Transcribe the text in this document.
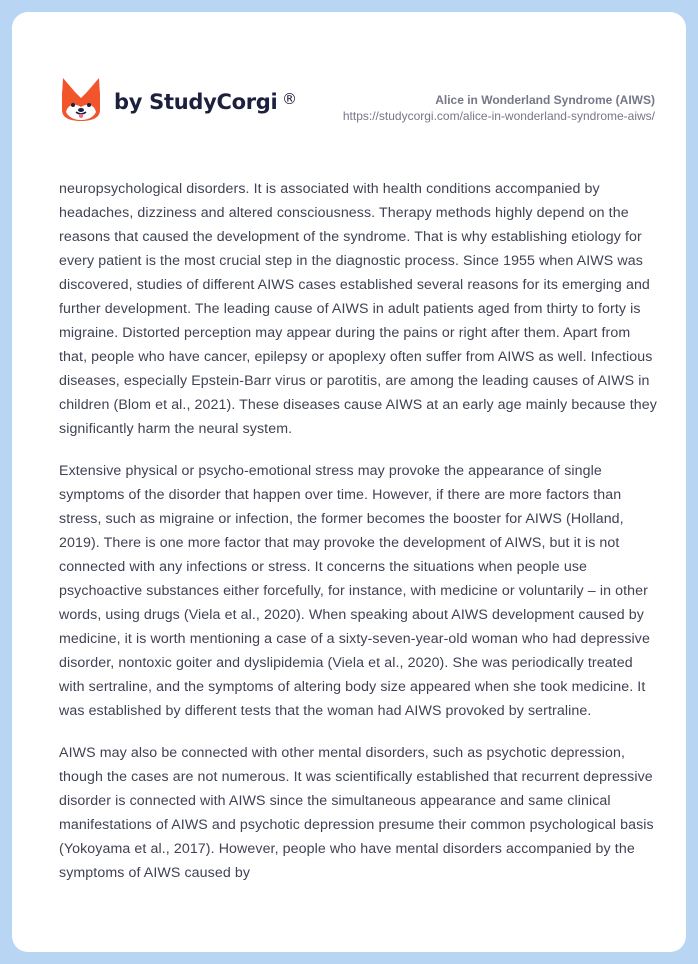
by StudyCorgi ®	Alice in Wonderland Syndrome (AIWS)
https://studycorgi.com/alice-in-wonderland-syndrome-aiws/

neuropsychological disorders. It is associated with health conditions accompanied by headaches, dizziness and altered consciousness. Therapy methods highly depend on the reasons that caused the development of the syndrome. That is why establishing etiology for every patient is the most crucial step in the diagnostic process. Since 1955 when AIWS was discovered, studies of different AIWS cases established several reasons for its emerging and further development. The leading cause of AIWS in adult patients aged from thirty to forty is migraine. Distorted perception may appear during the pains or right after them. Apart from that, people who have cancer, epilepsy or apoplexy often suffer from AIWS as well. Infectious diseases, especially Epstein-Barr virus or parotitis, are among the leading causes of AIWS in children (Blom et al., 2021). These diseases cause AIWS at an early age mainly because they significantly harm the neural system.

Extensive physical or psycho-emotional stress may provoke the appearance of single symptoms of the disorder that happen over time. However, if there are more factors than stress, such as migraine or infection, the former becomes the booster for AIWS (Holland, 2019). There is one more factor that may provoke the development of AIWS, but it is not connected with any infections or stress. It concerns the situations when people use psychoactive substances either forcefully, for instance, with medicine or voluntarily – in other words, using drugs (Viela et al., 2020). When speaking about AIWS development caused by medicine, it is worth mentioning a case of a sixty-seven-year-old woman who had depressive disorder, nontoxic goiter and dyslipidemia (Viela et al., 2020). She was periodically treated with sertraline, and the symptoms of altering body size appeared when she took medicine. It was established by different tests that the woman had AIWS provoked by sertraline.

AIWS may also be connected with other mental disorders, such as psychotic depression, though the cases are not numerous. It was scientifically established that recurrent depressive disorder is connected with AIWS since the simultaneous appearance and same clinical manifestations of AIWS and psychotic depression presume their common psychological basis (Yokoyama et al., 2017). However, people who have mental disorders accompanied by the symptoms of AIWS caused by
